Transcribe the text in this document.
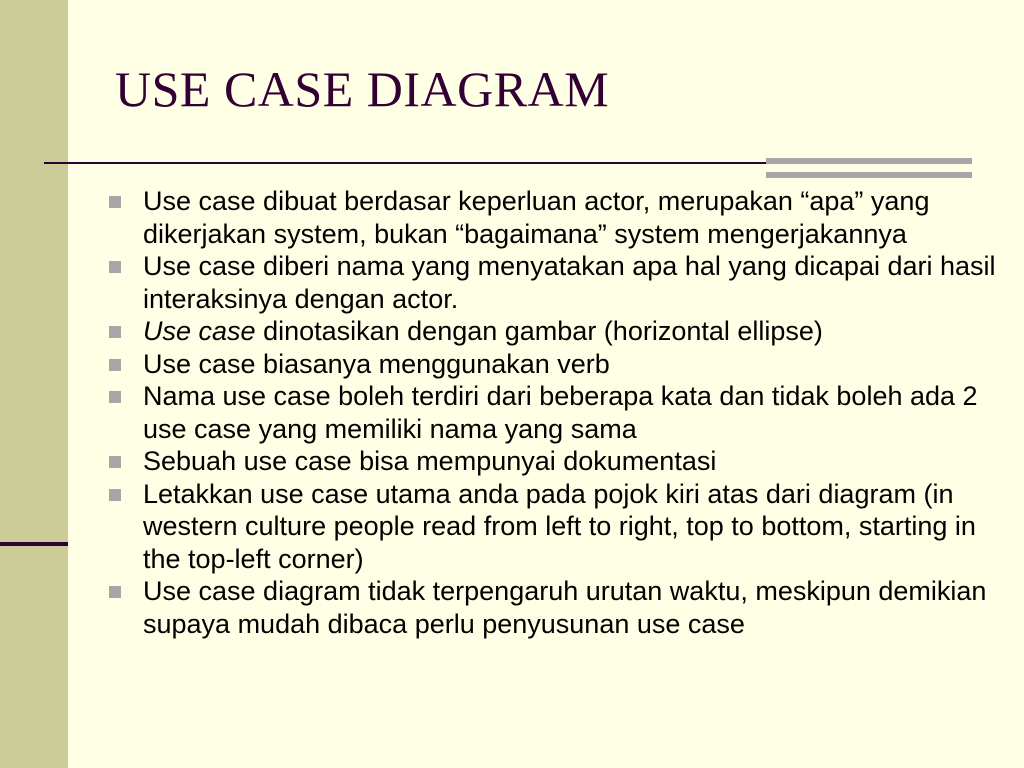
USE CASE DIAGRAM
Use case dibuat berdasar keperluan actor, merupakan “apa” yang dikerjakan system, bukan “bagaimana” system mengerjakannya
Use case diberi nama yang menyatakan apa hal yang dicapai dari hasil interaksinya dengan actor.
Use case dinotasikan dengan gambar (horizontal ellipse)
Use case biasanya menggunakan verb
Nama use case boleh terdiri dari beberapa kata dan tidak boleh ada 2 use case yang memiliki nama yang sama
Sebuah use case bisa mempunyai dokumentasi
Letakkan use case utama anda pada pojok kiri atas dari diagram (in western culture people read from left to right, top to bottom, starting in the top-left corner)
Use case diagram tidak terpengaruh urutan waktu, meskipun demikian supaya mudah dibaca perlu penyusunan use case
